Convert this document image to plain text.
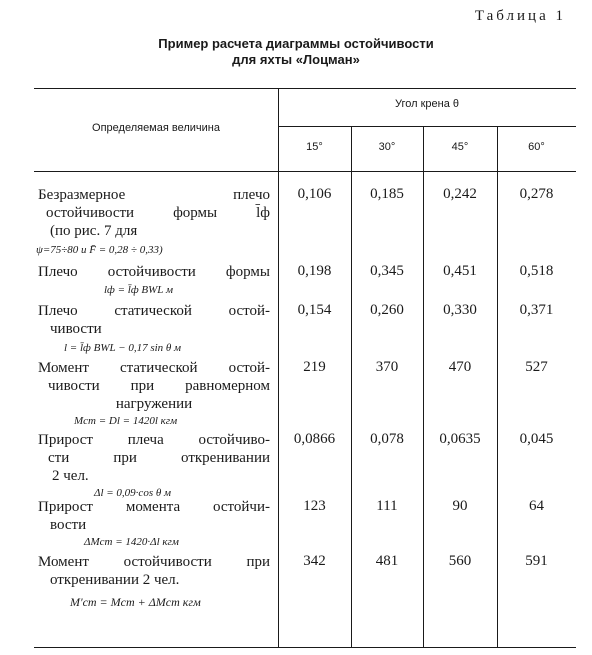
Таблица 1
Пример расчета диаграммы остойчивости
для яхты «Лоцман»
Определяемая величина
Угол крена θ
15°	30°	45°	60°
Безразмерное плечо
остойчивости формы l̄ф
(по рис. 7 для
ψ=75÷80 и F̄ = 0,28 ÷ 0,33)
0,106	0,185	0,242	0,278
Плечо остойчивости формы
lф = l̄ф BWL м
0,198	0,345	0,451	0,518
Плечо статической остой-
чивости
l = l̄ф BWL − 0,17 sin θ м
0,154	0,260	0,330	0,371
Момент статической остой-
чивости при равномерном
нагружении
Mст = Dl = 1420l кгм
219	370	470	527
Прирост плеча остойчиво-
сти при откренивании
2 чел.
Δl = 0,09·cos θ м
0,0866	0,078	0,0635	0,045
Прирост момента остойчи-
вости
ΔMст = 1420·Δl кгм
123	111	90	64
Момент остойчивости при
откренивании 2 чел.
M'ст = Mст + ΔMст кгм
342	481	560	591
